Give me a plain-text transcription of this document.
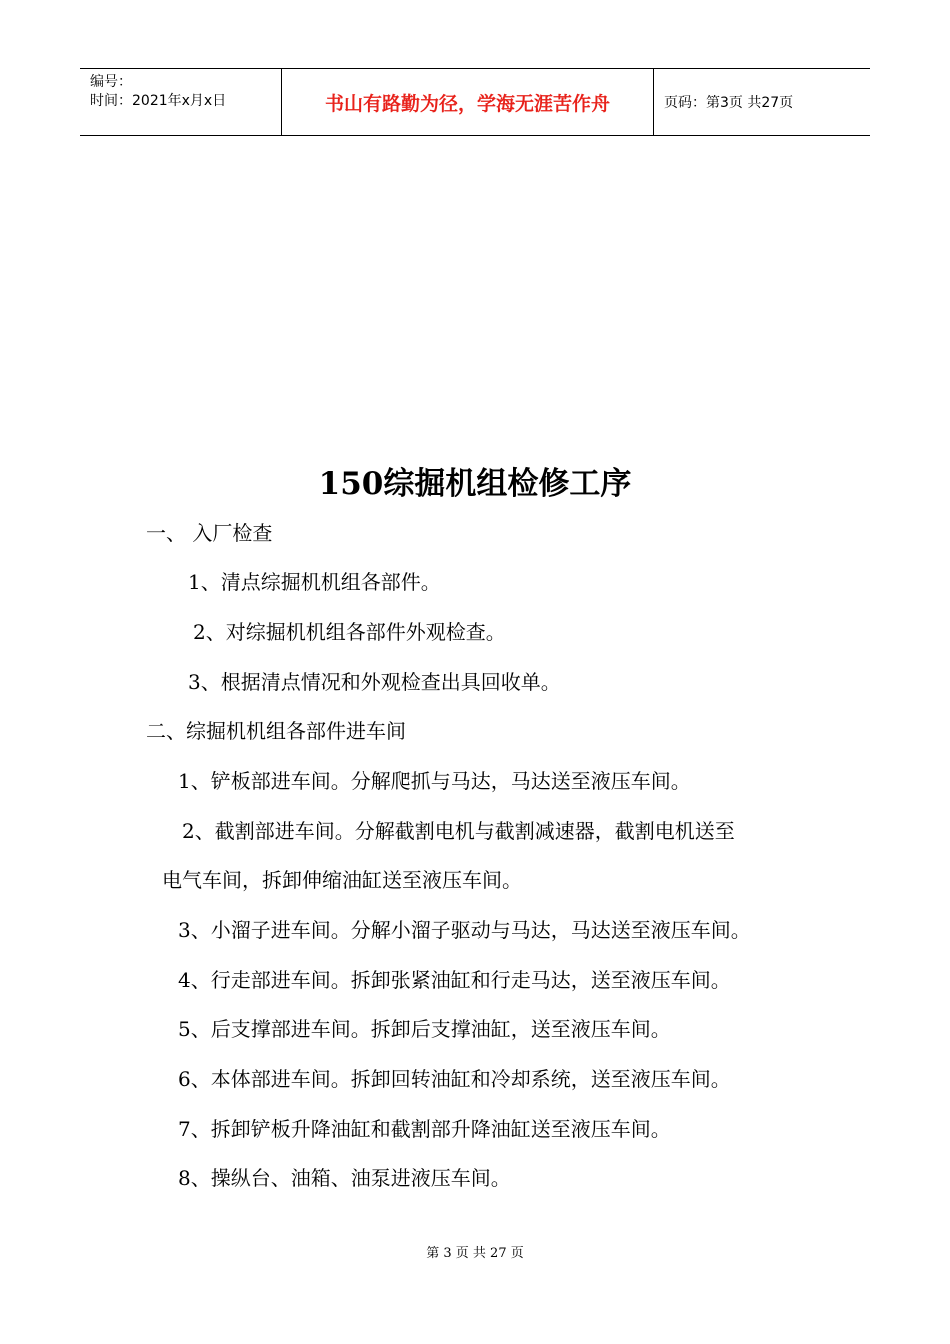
编号：
时间：2021年x月x日	书山有路勤为径，学海无涯苦作舟	页码：第3页 共27页
150综掘机组检修工序
一、 入厂检查
1、清点综掘机机组各部件。
2、对综掘机机组各部件外观检查。
3、根据清点情况和外观检查出具回收单。
二、综掘机机组各部件进车间
1、铲板部进车间。分解爬抓与马达，马达送至液压车间。
2、截割部进车间。分解截割电机与截割减速器，截割电机送至
电气车间，拆卸伸缩油缸送至液压车间。
3、小溜子进车间。分解小溜子驱动与马达，马达送至液压车间。
4、行走部进车间。拆卸张紧油缸和行走马达，送至液压车间。
5、后支撑部进车间。拆卸后支撑油缸，送至液压车间。
6、本体部进车间。拆卸回转油缸和冷却系统，送至液压车间。
7、拆卸铲板升降油缸和截割部升降油缸送至液压车间。
8、操纵台、油箱、油泵进液压车间。
第 3 页 共 27 页
